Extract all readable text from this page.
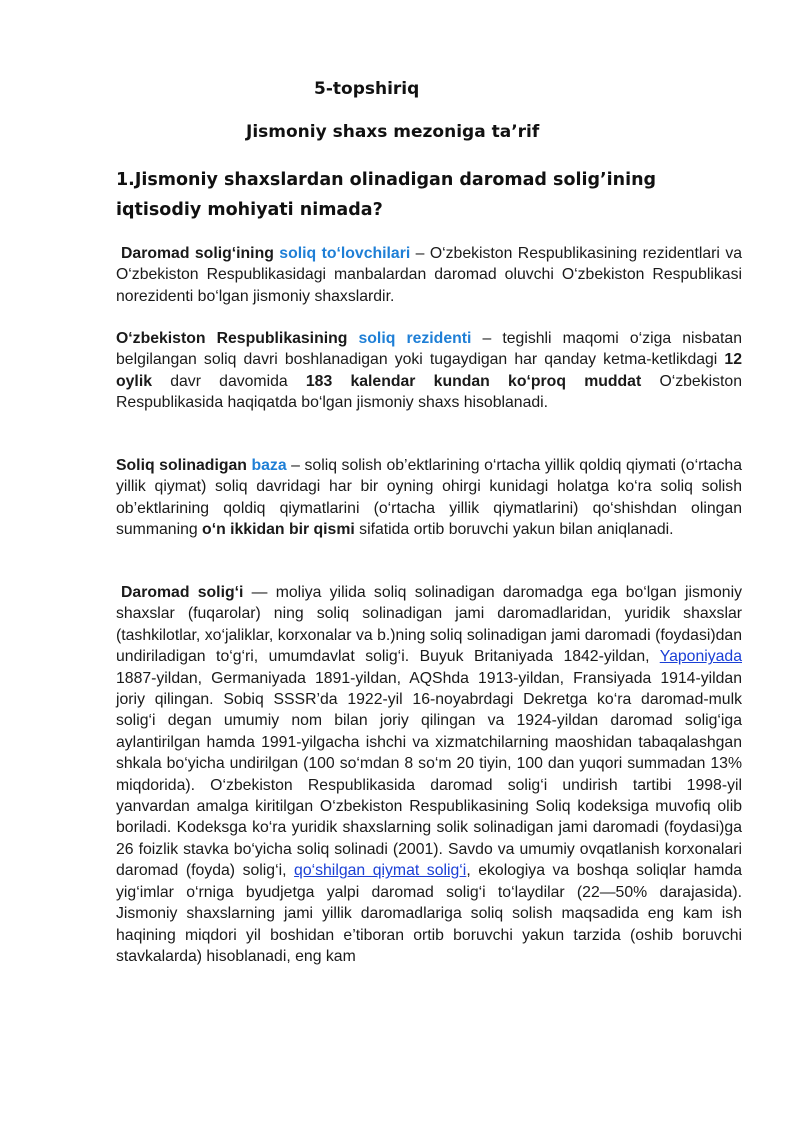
5-topshiriq
Jismoniy shaxs mezoniga ta’rif
1.Jismoniy shaxslardan olinadigan daromad solig’ining iqtisodiy mohiyati nimada?

Daromad solig‘ining soliq to‘lovchilari – O‘zbekiston Respublikasining rezidentlari va O‘zbekiston Respublikasidagi manbalardan daromad oluvchi O‘zbekiston Respublikasi norezidenti bo‘lgan jismoniy shaxslardir.

O‘zbekiston Respublikasining soliq rezidenti – tegishli maqomi o‘ziga nisbatan belgilangan soliq davri boshlanadigan yoki tugaydigan har qanday ketma-ketlikdagi 12 oylik davr davomida 183 kalendar kundan ko‘proq muddat O‘zbekiston Respublikasida haqiqatda bo‘lgan jismoniy shaxs hisoblanadi.

Soliq solinadigan baza – soliq solish ob’ektlarining o‘rtacha yillik qoldiq qiymati (o‘rtacha yillik qiymat) soliq davridagi har bir oyning ohirgi kunidagi holatga ko‘ra soliq solish ob’ektlarining qoldiq qiymatlarini (o‘rtacha yillik qiymatlarini) qo‘shishdan olingan summaning o‘n ikkidan bir qismi sifatida ortib boruvchi yakun bilan aniqlanadi.

Daromad solig‘i — moliya yilida soliq solinadigan daromadga ega bo‘lgan jismoniy shaxslar (fuqarolar) ning soliq solinadigan jami daromadlaridan, yuridik shaxslar (tashkilotlar, xo‘jaliklar, korxonalar va b.)ning soliq solinadigan jami daromadi (foydasi)dan undiriladigan to‘g‘ri, umumdavlat solig‘i. Buyuk Britaniyada 1842-yildan, Yaponiyada 1887-yildan, Germaniyada 1891-yildan, AQShda 1913-yildan, Fransiyada 1914-yildan joriy qilingan. Sobiq SSSR’da 1922-yil 16-noyabrdagi Dekretga ko‘ra daromad-mulk solig‘i degan umumiy nom bilan joriy qilingan va 1924-yildan daromad solig‘iga aylantirilgan hamda 1991-yilgacha ishchi va xizmatchilarning maoshidan tabaqalashgan shkala bo‘yicha undirilgan (100 so‘mdan 8 so‘m 20 tiyin, 100 dan yuqori summadan 13% miqdorida). O‘zbekiston Respublikasida daromad solig‘i undirish tartibi 1998-yil yanvardan amalga kiritilgan O‘zbekiston Respublikasining Soliq kodeksiga muvofiq olib boriladi. Kodeksga ko‘ra yuridik shaxslarning solik solinadigan jami daromadi (foydasi)ga 26 foizlik stavka bo‘yicha soliq solinadi (2001). Savdo va umumiy ovqatlanish korxonalari daromad (foyda) solig‘i, qo‘shilgan qiymat solig‘i, ekologiya va boshqa soliqlar hamda yig‘imlar o‘rniga byudjetga yalpi daromad solig‘i to‘laydilar (22—50% darajasida). Jismoniy shaxslarning jami yillik daromadlariga soliq solish maqsadida eng kam ish haqining miqdori yil boshidan e’tiboran ortib boruvchi yakun tarzida (oshib boruvchi stavkalarda) hisoblanadi, eng kam
